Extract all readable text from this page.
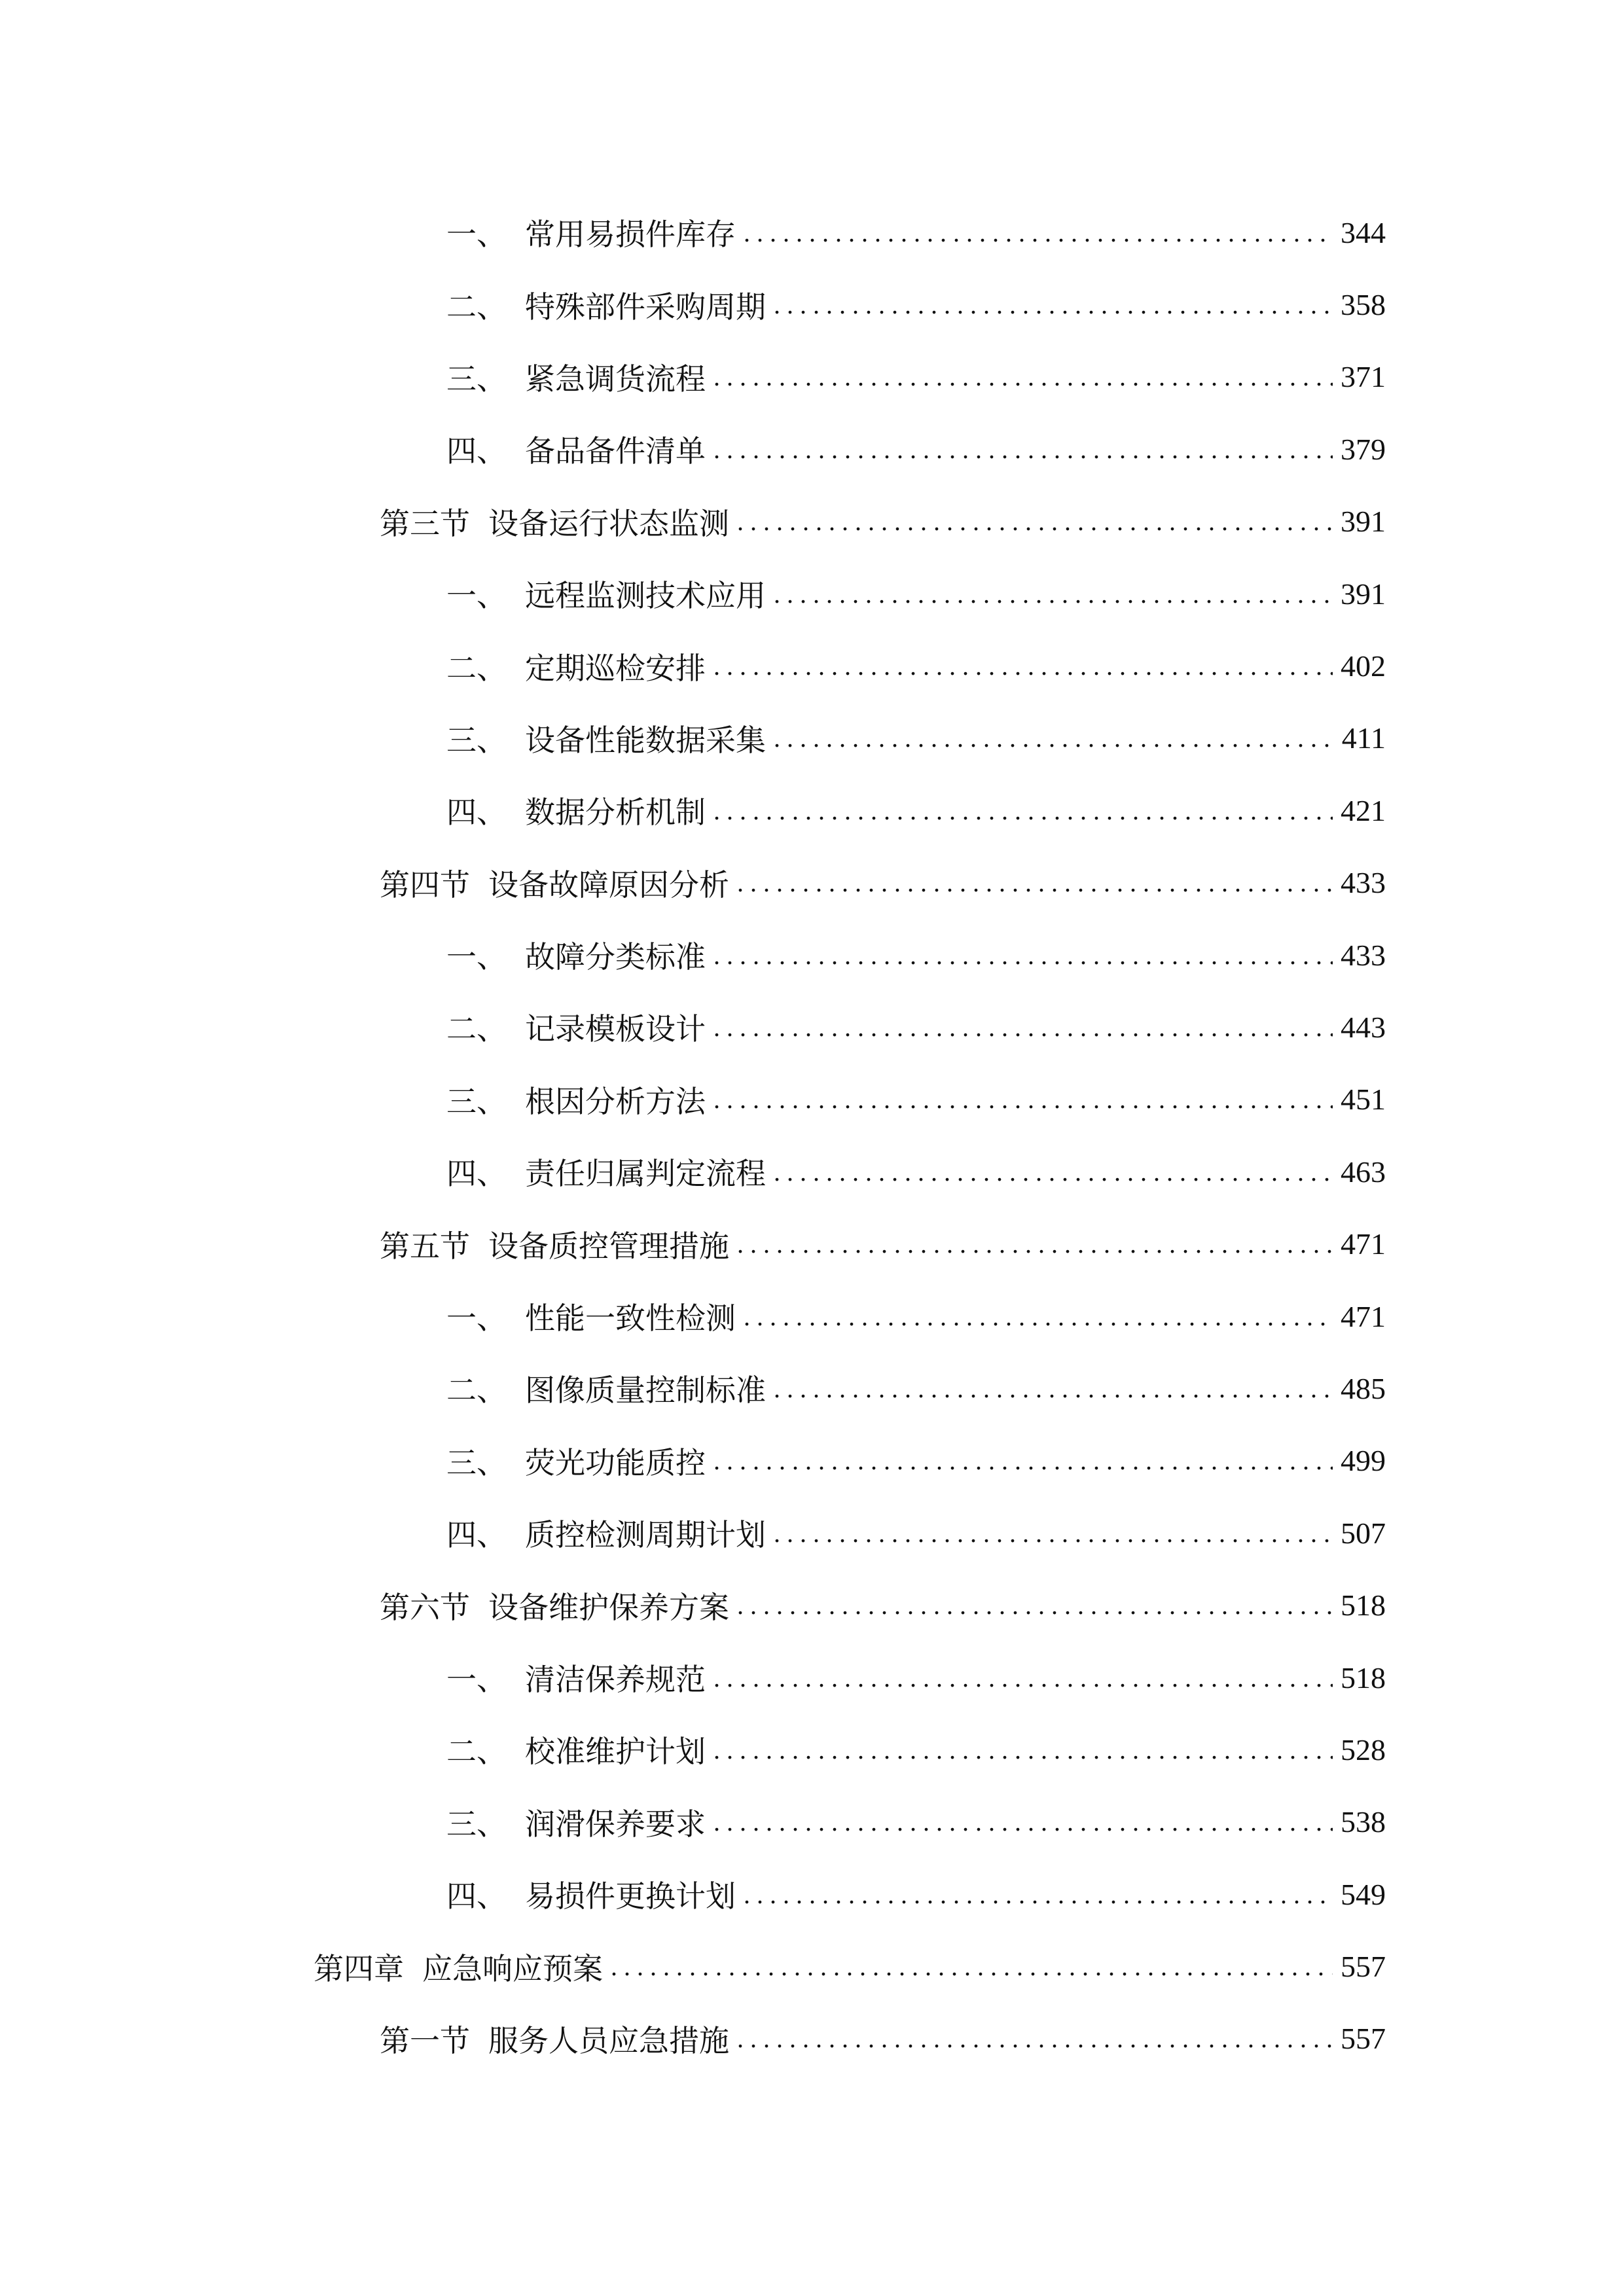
一、 常用易损件库存 . . .	344
二、 特殊部件采购周期 . . .	358
三、 紧急调货流程 . . .	371
四、 备品备件清单 . . .	379
第三节 设备运行状态监测 . . .	391
一、 远程监测技术应用 . . .	391
二、 定期巡检安排 . . .	402
三、 设备性能数据采集 . . .	411
四、 数据分析机制 . . .	421
第四节 设备故障原因分析 . . .	433
一、 故障分类标准 . . .	433
二、 记录模板设计 . . .	443
三、 根因分析方法 . . .	451
四、 责任归属判定流程 . . .	463
第五节 设备质控管理措施 . . .	471
一、 性能一致性检测 . . .	471
二、 图像质量控制标准 . . .	485
三、 荧光功能质控 . . .	499
四、 质控检测周期计划 . . .	507
第六节 设备维护保养方案 . . .	518
一、 清洁保养规范 . . .	518
二、 校准维护计划 . . .	528
三、 润滑保养要求 . . .	538
四、 易损件更换计划 . . .	549
第四章 应急响应预案 . . .	557
第一节 服务人员应急措施 . . .	557
